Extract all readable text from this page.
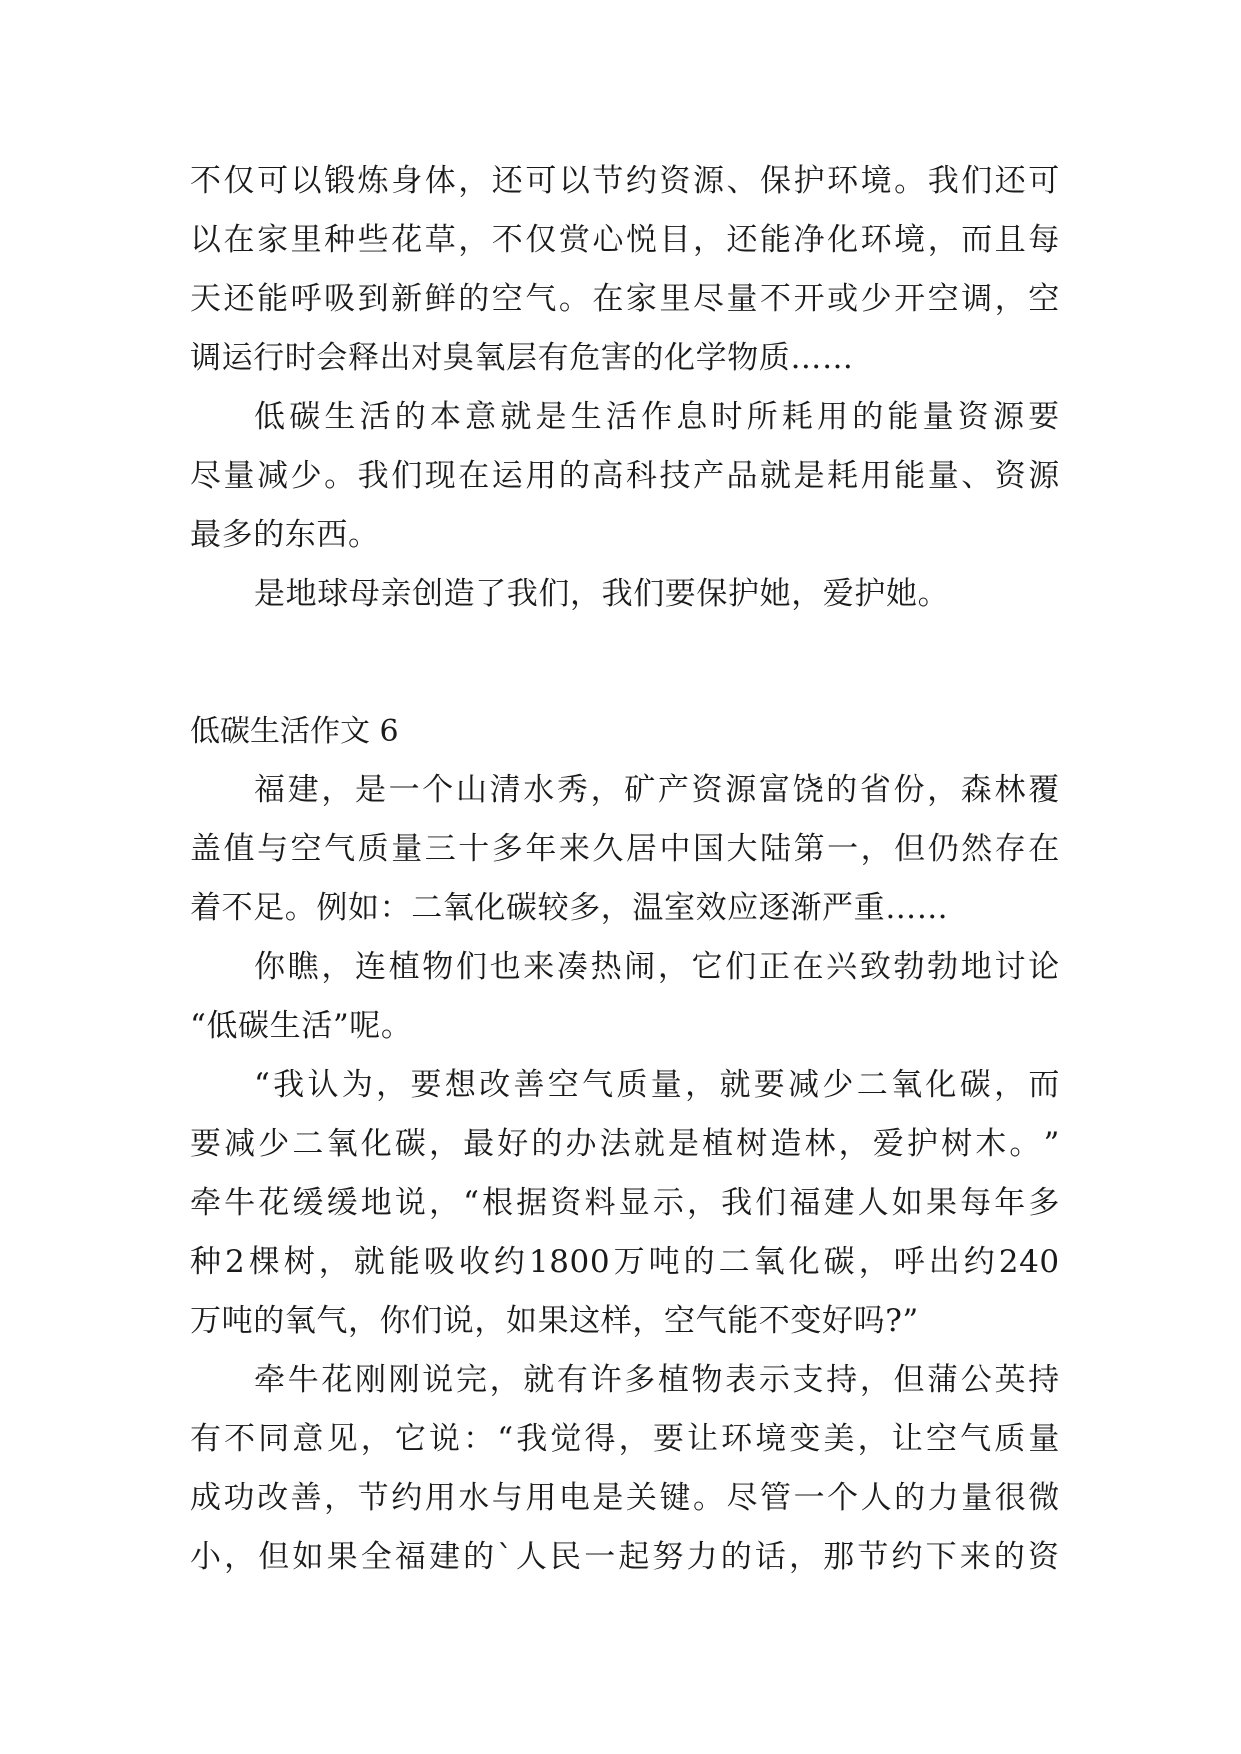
不 仅 可 以 锻 炼 身 体 ， 还 可 以 节 约 资 源 、 保 护 环 境 。 我 们 还 可
以 在 家 里 种 些 花 草 ， 不 仅 赏 心 悦 目 ， 还 能 净 化 环 境 ， 而 且 每
天 还 能 呼 吸 到 新 鲜 的 空 气 。 在 家 里 尽 量 不 开 或 少 开 空 调 ， 空
调运行时会释出对臭氧层有危害的化学物质……
低 碳 生 活 的 本 意 就 是 生 活 作 息 时 所 耗 用 的 能 量 资 源 要
尽 量 减 少 。 我 们 现 在 运 用 的 高 科 技 产 品 就 是 耗 用 能 量 、 资 源
最多的东西。
是地球母亲创造了我们，我们要保护她，爱护她。
低碳生活作文 6
福 建 ， 是 一 个 山 清 水 秀 ， 矿 产 资 源 富 饶 的 省 份 ， 森 林 覆
盖 值 与 空 气 质 量 三 十 多 年 来 久 居 中 国 大 陆 第 一 ， 但 仍 然 存 在
着不足。例如：二氧化碳较多，温室效应逐渐严重……
你 瞧 ， 连 植 物 们 也 来 凑 热 闹 ， 它 们 正 在 兴 致 勃 勃 地 讨 论
“低碳生活”呢。
“ 我 认 为 ， 要 想 改 善 空 气 质 量 ， 就 要 减 少 二 氧 化 碳 ， 而
要 减 少 二 氧 化 碳 ， 最 好 的 办 法 就 是 植 树 造 林 ， 爱 护 树 木 。 ”
牵 牛 花 缓 缓 地 说 ， “ 根 据 资 料 显 示 ， 我 们 福 建 人 如 果 每 年 多
种 2 棵 树 ， 就 能 吸 收 约 1800 万 吨 的 二 氧 化 碳 ， 呼 出 约 240
万吨的氧气，你们说，如果这样，空气能不变好吗?”
牵 牛 花 刚 刚 说 完 ， 就 有 许 多 植 物 表 示 支 持 ， 但 蒲 公 英 持
有 不 同 意 见 ， 它 说 ： “ 我 觉 得 ， 要 让 环 境 变 美 ， 让 空 气 质 量
成 功 改 善 ， 节 约 用 水 与 用 电 是 关 键 。 尽 管 一 个 人 的 力 量 很 微
小 ， 但 如 果 全 福 建 的 ` 人 民 一 起 努 力 的 话 ， 那 节 约 下 来 的 资
